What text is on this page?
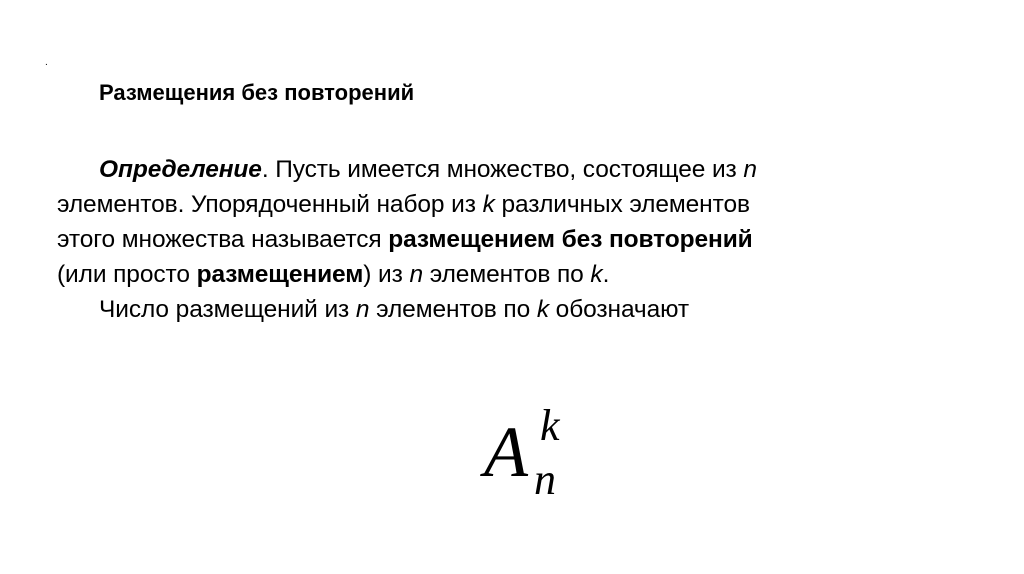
.
Размещения без повторений
Определение. Пусть имеется множество, состоящее из n
элементов. Упорядоченный набор из k различных элементов
этого множества называется размещением без повторений
(или просто размещением) из n элементов по k.
Число размещений из n элементов по k обозначают
A k
n
